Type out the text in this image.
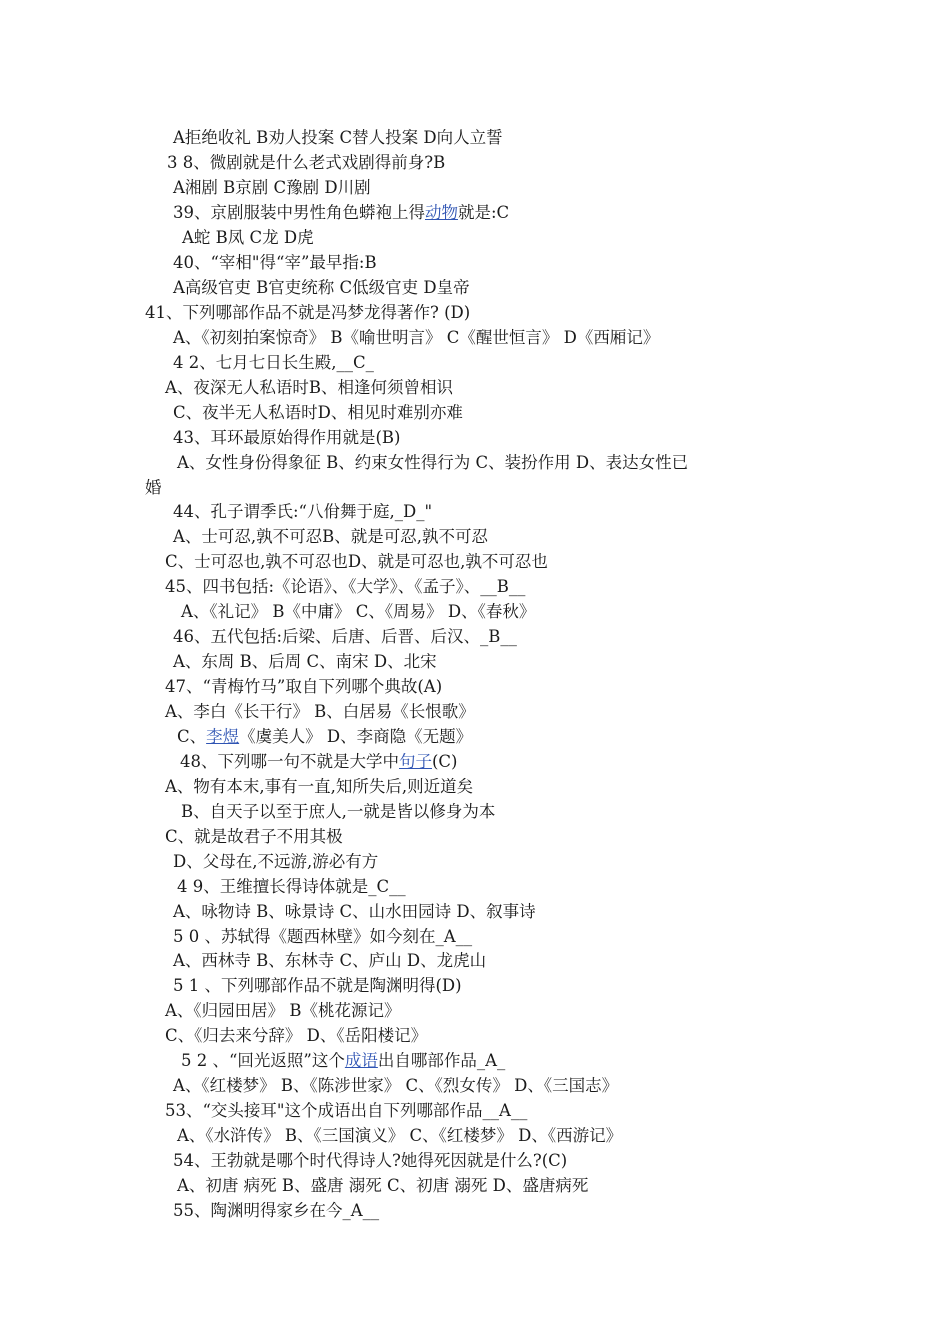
A拒绝收礼 B劝人投案 C替人投案 D向人立誓
3 8、微剧就是什么老式戏剧得前身?B
A湘剧 B京剧 C豫剧 D川剧
39、京剧服装中男性角色蟒袍上得动物就是:C
A蛇 B凤 C龙 D虎
40、“宰相"得“宰”最早指:B
A高级官吏 B官吏统称 C低级官吏 D皇帝
41、下列哪部作品不就是冯梦龙得著作? (D)
A、《初刻拍案惊奇》 B《喻世明言》 C《醒世恒言》 D《西厢记》
4 2、七月七日长生殿,__C_
A、夜深无人私语时B、相逢何须曾相识
C、夜半无人私语时D、相见时难别亦难
43、耳环最原始得作用就是(B)
A、女性身份得象征 B、约束女性得行为 C、装扮作用 D、表达女性已
婚
44、孔子谓季氏:“八佾舞于庭,_D_"
A、士可忍,孰不可忍B、就是可忍,孰不可忍
C、士可忍也,孰不可忍也D、就是可忍也,孰不可忍也
45、四书包括:《论语》、《大学》、《孟子》、__B__
A、《礼记》 B《中庸》 C、《周易》 D、《春秋》
46、五代包括:后梁、后唐、后晋、后汉、_B__
A、东周 B、后周 C、南宋 D、北宋
47、“青梅竹马”取自下列哪个典故(A)
A、李白《长干行》 B、白居易《长恨歌》
C、李煜《虞美人》 D、李商隐《无题》
48、下列哪一句不就是大学中句子(C)
A、物有本末,事有一直,知所失后,则近道矣
B、自天子以至于庶人,一就是皆以修身为本
C、就是故君子不用其极
D、父母在,不远游,游必有方
4 9、王维擅长得诗体就是_C__
A、咏物诗 B、咏景诗 C、山水田园诗 D、叙事诗
5 0 、苏轼得《题西林壁》如今刻在_A__
A、西林寺 B、东林寺 C、庐山 D、龙虎山
5 1 、下列哪部作品不就是陶渊明得(D)
A、《归园田居》 B《桃花源记》
C、《归去来兮辞》 D、《岳阳楼记》
5 2 、“回光返照”这个成语出自哪部作品_A_
A、《红楼梦》 B、《陈涉世家》 C、《烈女传》 D、《三国志》
53、“交头接耳"这个成语出自下列哪部作品__A__
A、《水浒传》 B、《三国演义》 C、《红楼梦》 D、《西游记》
54、王勃就是哪个时代得诗人?她得死因就是什么?(C)
A、初唐 病死 B、盛唐 溺死 C、初唐 溺死 D、盛唐病死
55、陶渊明得家乡在今_A__
